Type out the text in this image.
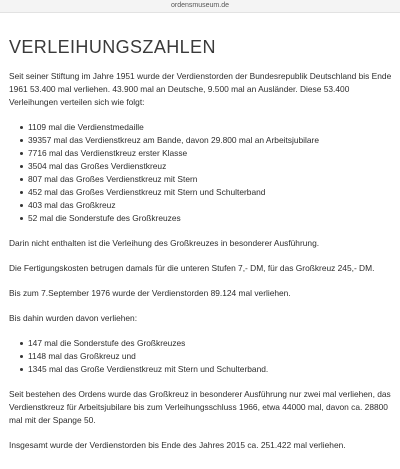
ordensmuseum.de
VERLEIHUNGSZAHLEN

Seit seiner Stiftung im Jahre 1951 wurde der Verdienstorden der Bundesrepublik Deutschland bis Ende 1961 53.400 mal verliehen. 43.900 mal an Deutsche, 9.500 mal an Ausländer. Diese 53.400 Verleihungen verteilen sich wie folgt:

1109 mal die Verdienstmedaille
39357 mal das Verdienstkreuz am Bande, davon 29.800 mal an Arbeitsjubilare
7716 mal das Verdienstkreuz erster Klasse
3504 mal das Großes Verdienstkreuz
807 mal das Großes Verdienstkreuz mit Stern
452 mal das Großes Verdienstkreuz mit Stern und Schulterband
403 mal das Großkreuz
52 mal die Sonderstufe des Großkreuzes

Darin nicht enthalten ist die Verleihung des Großkreuzes in besonderer Ausführung.

Die Fertigungskosten betrugen damals für die unteren Stufen 7,- DM, für das Großkreuz 245,- DM.

Bis zum 7.September 1976 wurde der Verdienstorden 89.124 mal verliehen.

Bis dahin wurden davon verliehen:

147 mal die Sonderstufe des Großkreuzes
1148 mal das Großkreuz und
1345 mal das Große Verdienstkreuz mit Stern und Schulterband.

Seit bestehen des Ordens wurde das Großkreuz in besonderer Ausführung nur zwei mal verliehen, das Verdienstkreuz für Arbeitsjubilare bis zum Verleihungsschluss 1966, etwa 44000 mal, davon ca. 28800 mal mit der Spange 50.

Insgesamt wurde der Verdienstorden bis Ende des Jahres 2015 ca. 251.422 mal verliehen.
